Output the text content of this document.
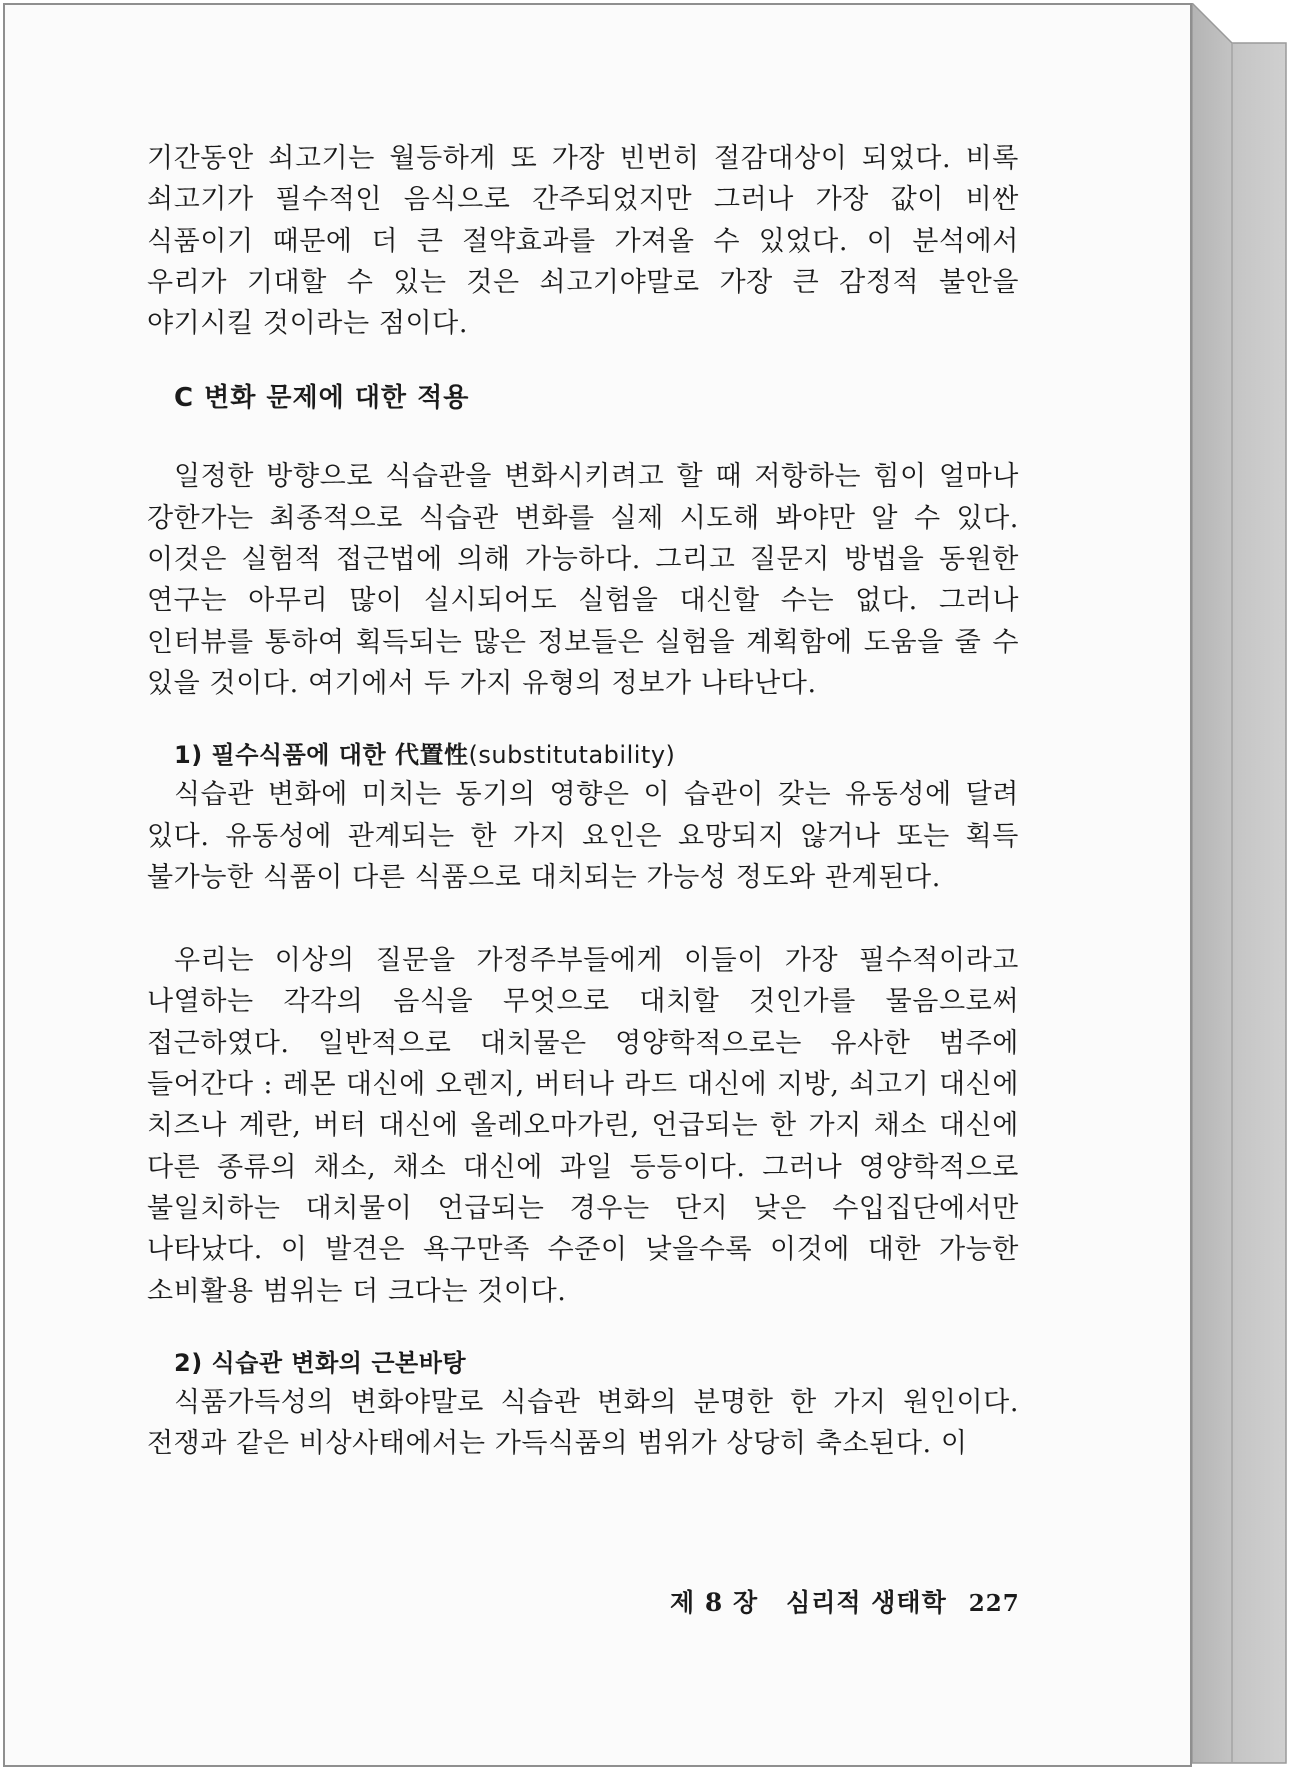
기간동안 쇠고기는 월등하게 또 가장 빈번히 절감대상이 되었다. 비록 쇠고기가 필수적인 음식으로 간주되었지만 그러나 가장 값이 비싼 식품이기 때문에 더 큰 절약효과를 가져올 수 있었다. 이 분석에서 우리가 기대할 수 있는 것은 쇠고기야말로 가장 큰 감정적 불안을 야기시킬 것이라는 점이다.

C 변화 문제에 대한 적용

일정한 방향으로 식습관을 변화시키려고 할 때 저항하는 힘이 얼마나 강한가는 최종적으로 식습관 변화를 실제 시도해 봐야만 알 수 있다. 이것은 실험적 접근법에 의해 가능하다. 그리고 질문지 방법을 동원한 연구는 아무리 많이 실시되어도 실험을 대신할 수는 없다. 그러나 인터뷰를 통하여 획득되는 많은 정보들은 실험을 계획함에 도움을 줄 수 있을 것이다. 여기에서 두 가지 유형의 정보가 나타난다.

1) 필수식품에 대한 代置性(substitutability)

식습관 변화에 미치는 동기의 영향은 이 습관이 갖는 유동성에 달려 있다. 유동성에 관계되는 한 가지 요인은 요망되지 않거나 또는 획득 불가능한 식품이 다른 식품으로 대치되는 가능성 정도와 관계된다.

우리는 이상의 질문을 가정주부들에게 이들이 가장 필수적이라고 나열하는 각각의 음식을 무엇으로 대치할 것인가를 물음으로써 접근하였다. 일반적으로 대치물은 영양학적으로는 유사한 범주에 들어간다 : 레몬 대신에 오렌지, 버터나 라드 대신에 지방, 쇠고기 대신에 치즈나 계란, 버터 대신에 올레오마가린, 언급되는 한 가지 채소 대신에 다른 종류의 채소, 채소 대신에 과일 등등이다. 그러나 영양학적으로 불일치하는 대치물이 언급되는 경우는 단지 낮은 수입집단에서만 나타났다. 이 발견은 욕구만족 수준이 낮을수록 이것에 대한 가능한 소비활용 범위는 더 크다는 것이다.

2) 식습관 변화의 근본바탕

식품가득성의 변화야말로 식습관 변화의 분명한 한 가지 원인이다. 전쟁과 같은 비상사태에서는 가득식품의 범위가 상당히 축소된다. 이

제 8 장 심리적 생태학 227
